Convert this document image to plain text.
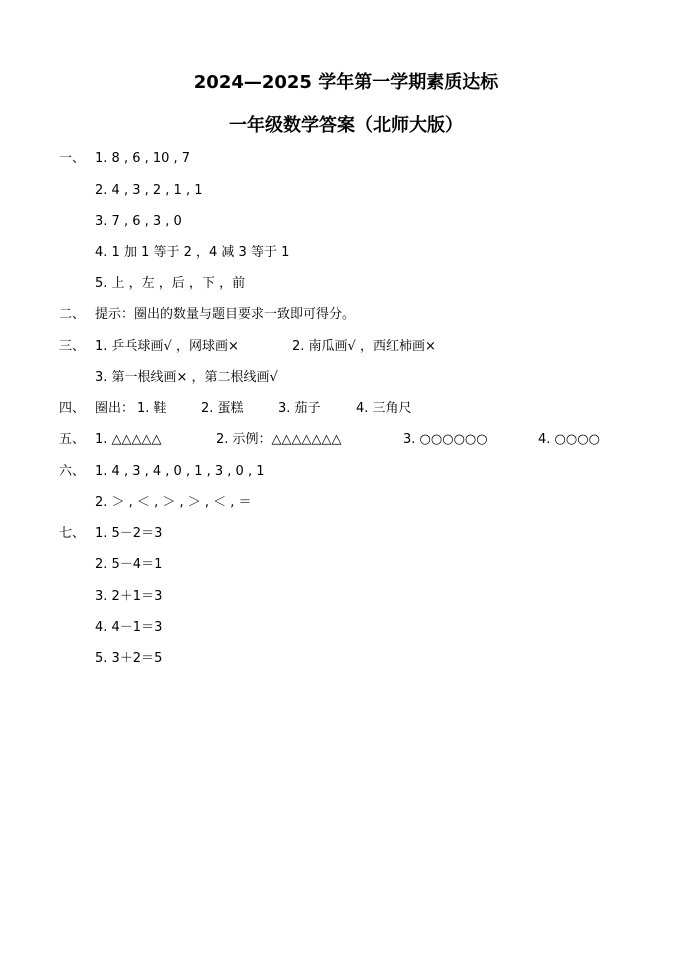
2024—2025 学年第一学期素质达标
一年级数学答案（北师大版）
一、 1. 8 , 6 , 10 , 7
2. 4 , 3 , 2 , 1 , 1
3. 7 , 6 , 3 , 0
4. 1 加 1 等于 2 ，4 减 3 等于 1
5. 上 ，左 ，后 ，下 ，前
二、 提示：圈出的数量与题目要求一致即可得分。
三、 1. 乒乓球画√ ，网球画×	2. 南瓜画√ ，西红柿画×
3. 第一根线画× ，第二根线画√
四、 圈出： 1. 鞋	2. 蛋糕	3. 茄子	4. 三角尺
五、 1. △△△△△	2. 示例：△△△△△△△	3. ○○○○○○	4. ○○○○
六、 1. 4 , 3 , 4 , 0 , 1 , 3 , 0 , 1
2. ＞ , ＜ , ＞ , ＞ , ＜ , ＝
七、 1. 5－2＝3
2. 5－4＝1
3. 2＋1＝3
4. 4－1＝3
5. 3＋2＝5
